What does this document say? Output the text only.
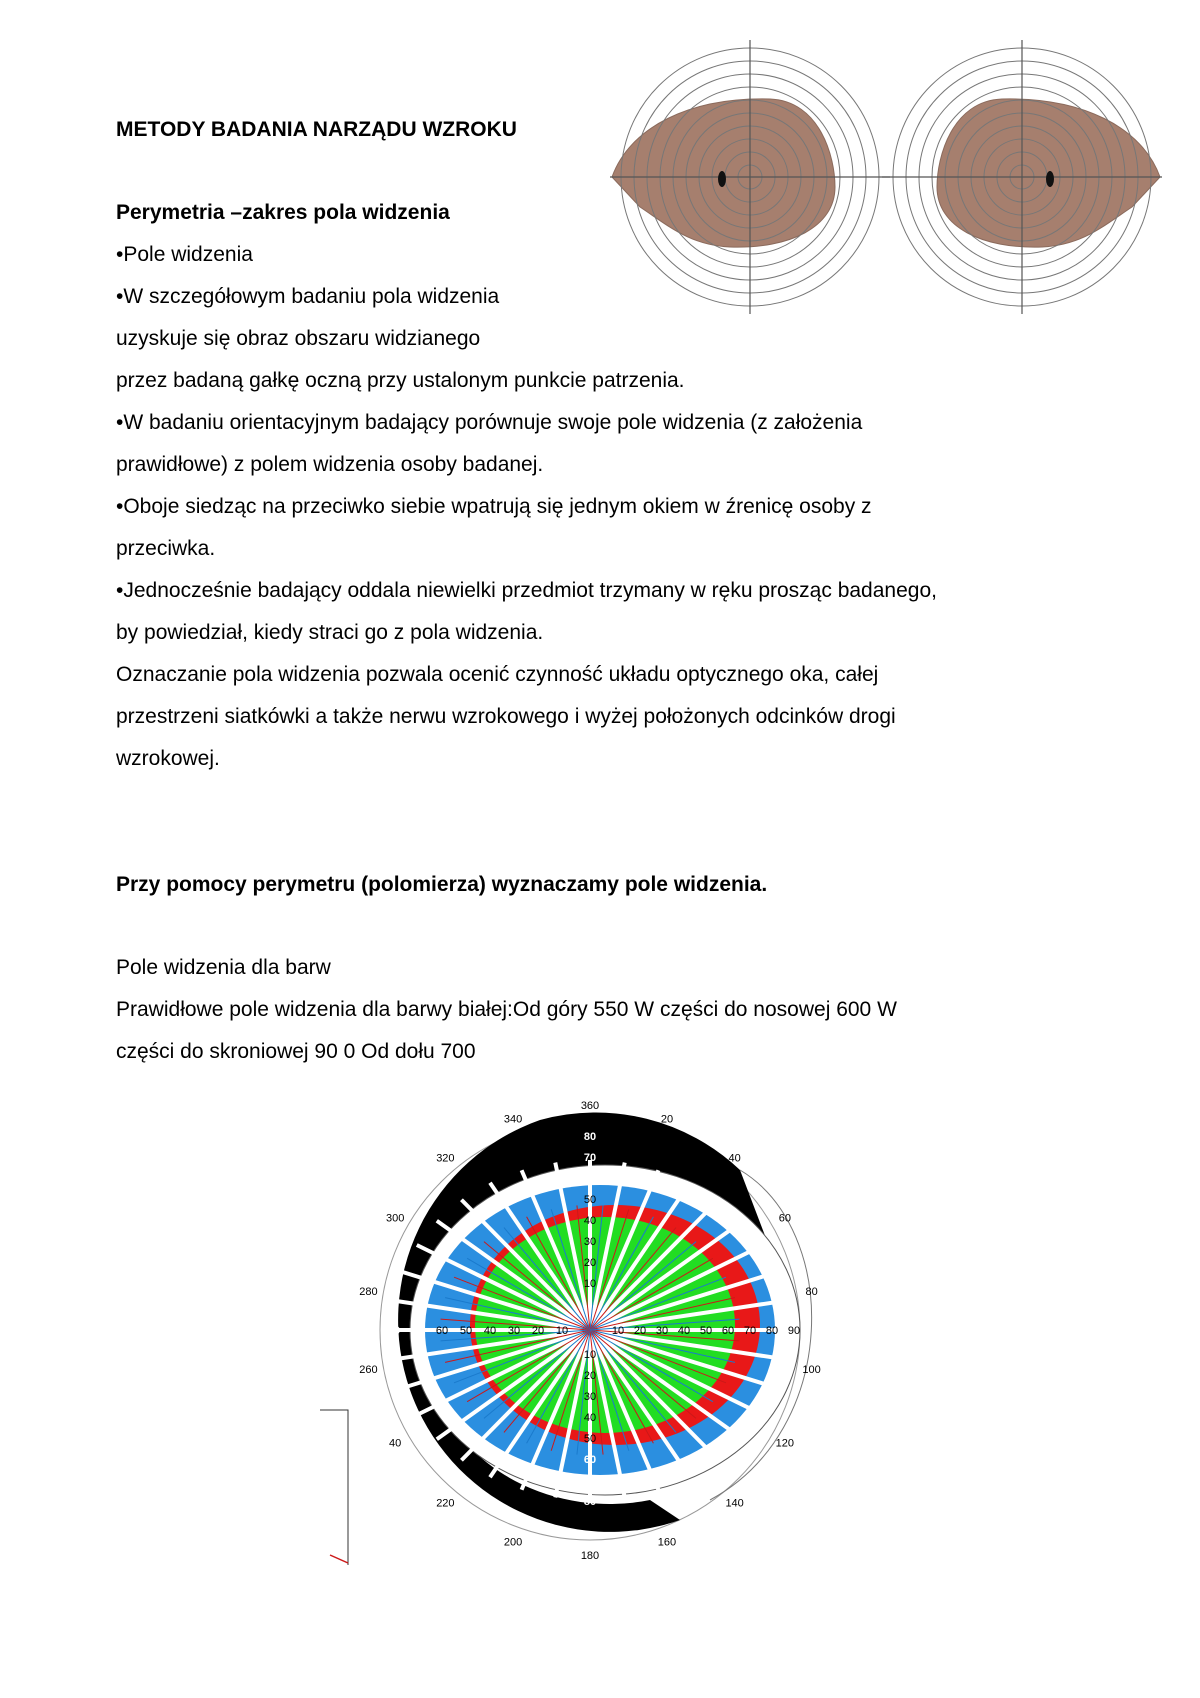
METODY BADANIA NARZĄDU WZROKU
Perymetria –zakres pola widzenia
•Pole widzenia
•W szczegółowym badaniu pola widzenia
uzyskuje się obraz obszaru widzianego
przez badaną gałkę oczną przy ustalonym punkcie patrzenia.
•W badaniu orientacyjnym badający porównuje swoje pole widzenia (z założenia
prawidłowe) z polem widzenia osoby badanej.
•Oboje siedząc na przeciwko siebie wpatrują się jednym okiem w źrenicę osoby z
przeciwka.
•Jednocześnie badający oddala niewielki przedmiot trzymany w ręku prosząc badanego,
by powiedział, kiedy straci go z pola widzenia.
Oznaczanie pola widzenia pozwala ocenić czynność układu optycznego oka, całej
przestrzeni siatkówki a także nerwu wzrokowego i wyżej położonych odcinków drogi
wzrokowej.
Przy pomocy perymetru (polomierza) wyznaczamy pole widzenia.
Pole widzenia dla barw
Prawidłowe pole widzenia dla barwy białej:Od góry 550 W części do nosowej 600 W
części do skroniowej 90 0 Od dołu 700
360
20
40
60
80
100
120
140
160
180
200
220
40
260
280
300
320
340
80
70
60
50
40
30
20
10
10
20
30
40
50
60
70
80
90 80 70 60 50 40 30 20 10	10 20 30 40 50 60 70 80 90
